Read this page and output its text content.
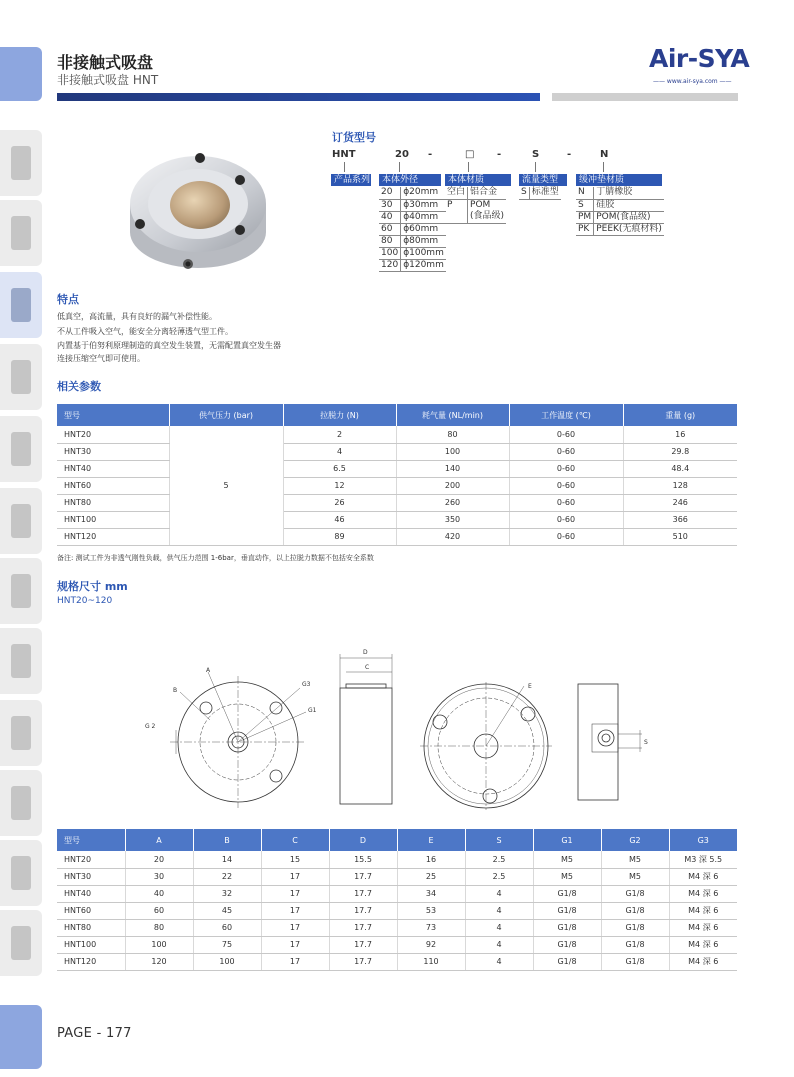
非接触式吸盘
非接触式吸盘 HNT
Air-SYA
—— www.air-sya.com ——
订货型号
HNT	20 -	□ -	S	-	N
产品系列	本体外径	本体材质	流量类型	缓冲垫材质
20	ϕ20mm
30	ϕ30mm
40	ϕ40mm
60	ϕ60mm
80	ϕ80mm
100	ϕ100mm
120	ϕ120mm
空白	铝合金
P	POM
	(食品级)
S	标准型 N	丁腈橡胶
S	硅胶
PM	POM(食品级)
PK	PEEK(无痕材料)
特点
低真空，高流量，具有良好的漏气补偿性能。
不从工件吸入空气，能安全分离轻薄透气型工件。
内置基于伯努利原理制造的真空发生装置，无需配置真空发生器
连接压缩空气即可使用。
相关参数
型号	供气压力 (bar)	拉脱力 (N)	耗气量 (NL/min)	工作温度 (℃)	重量 (g)
HNT20	5	2	80	0-60	16
HNT30		4	100	0-60	29.8
HNT40		6.5	140	0-60	48.4
HNT60		12	200	0-60	128
HNT80		26	260	0-60	246
HNT100		46	350	0-60	366
HNT120		89	420	0-60	510
备注: 测试工件为非透气刚性负载，供气压力范围 1-6bar，垂直动作，以上拉脱力数据不包括安全系数
规格尺寸 mm
HNT20~120
A
B
G3
G1
G 2
D
C
E
S
型号	A	B	C	D	E	S	G1	G2	G3
HNT20	20	14	15	15.5	16	2.5	M5	M5	M3 深 5.5
HNT30	30	22	17	17.7	25	2.5	M5	M5	M4 深 6
HNT40	40	32	17	17.7	34	4	G1/8	G1/8	M4 深 6
HNT60	60	45	17	17.7	53	4	G1/8	G1/8	M4 深 6
HNT80	80	60	17	17.7	73	4	G1/8	G1/8	M4 深 6
HNT100	100	75	17	17.7	92	4	G1/8	G1/8	M4 深 6
HNT120	120	100	17	17.7	110	4	G1/8	G1/8	M4 深 6
PAGE - 177
